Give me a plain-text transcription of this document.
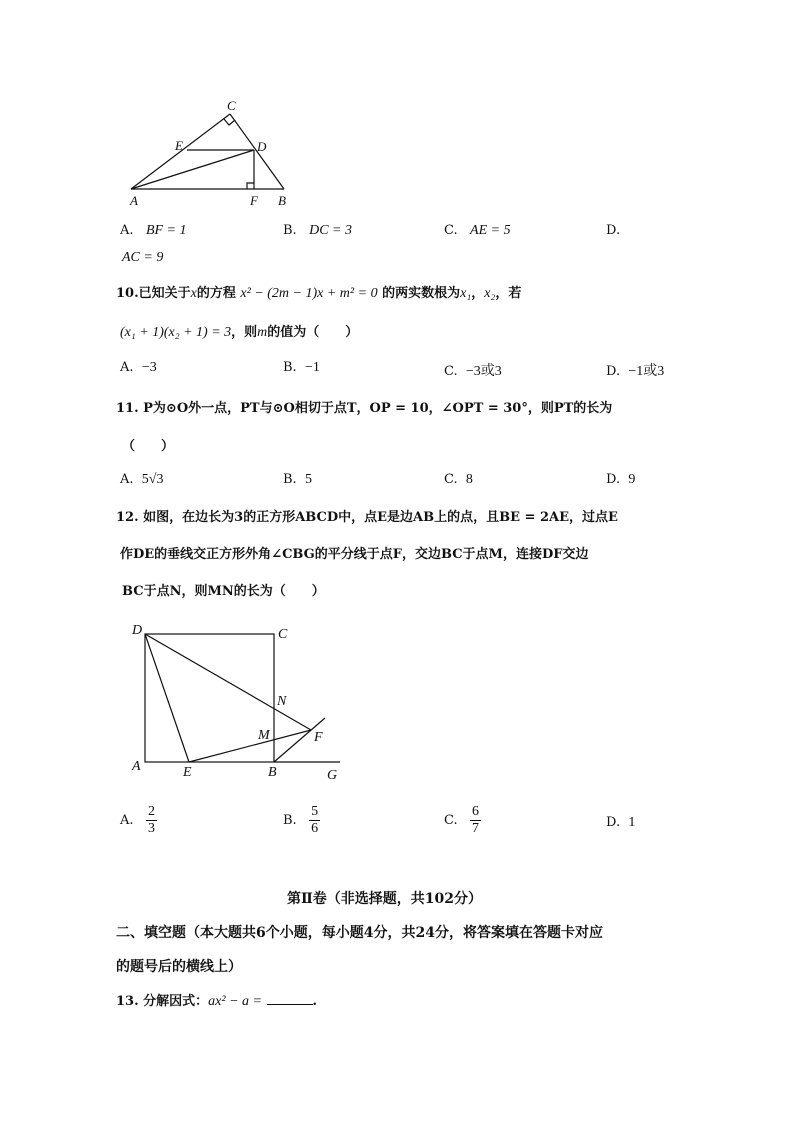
C
E	D
A	F B
A. BF = 1	B. DC = 3	C. AE = 5	D.
AC = 9
10.已知关于x的方程 x² − (2m − 1)x + m² = 0 的两实数根为x₁，x₂，若
(x₁ + 1)(x₂ + 1) = 3，则m的值为（　　）
A. −3	B. −1	C. −3或3	D. −1或3
11. P为⊙O外一点，PT与⊙O相切于点T，OP = 10，∠OPT = 30°，则PT的长为
（　　）
A. 5√3	B. 5	C. 8	D. 9
12. 如图，在边长为3的正方形ABCD中，点E是边AB上的点，且BE = 2AE，过点E
作DE的垂线交正方形外角∠CBG的平分线于点F，交边BC于点M，连接DF交边
BC于点N，则MN的长为（　　）
D	C
N
M	F
A	E	B	G
A. $\frac{2}{3}$	B. $\frac{5}{6}$	C. $\frac{6}{7}$	D. 1
第Ⅱ卷（非选择题，共102分）
二、填空题（本大题共6个小题，每小题4分，共24分，将答案填在答题卡对应
的题号后的横线上）
13. 分解因式：ax² − a =	.
